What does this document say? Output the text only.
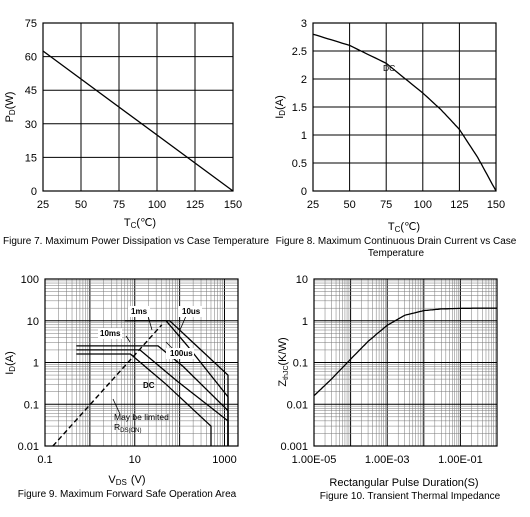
25 50 75 100 125 150
0
15
30
45
60
75
TC(℃)
PD(W)
Figure 7. Maximum Power Dissipation vs Case Temperature
25 50 75 100 125 150
0
0.5
1
1.5
2
2.5
3
DC
TC(℃)
ID(A)
Figure 8. Maximum Continuous Drain Current vs Case
Temperature
0.1	10	1000
0.01
0.1
1
10
100
VDS (V)
ID(A)
Figure 9. Maximum Forward Safe Operation Area
1ms	10us
10ms
100us
DC
May be limited
$R_{DS(ON)}$
1.00E-05	1.00E-03	1.00E-01
0.001
0.01
0.1
1
10
Rectangular Pulse Duration(S)
ZthJC(K/W)
Figure 10. Transient Thermal Impedance
